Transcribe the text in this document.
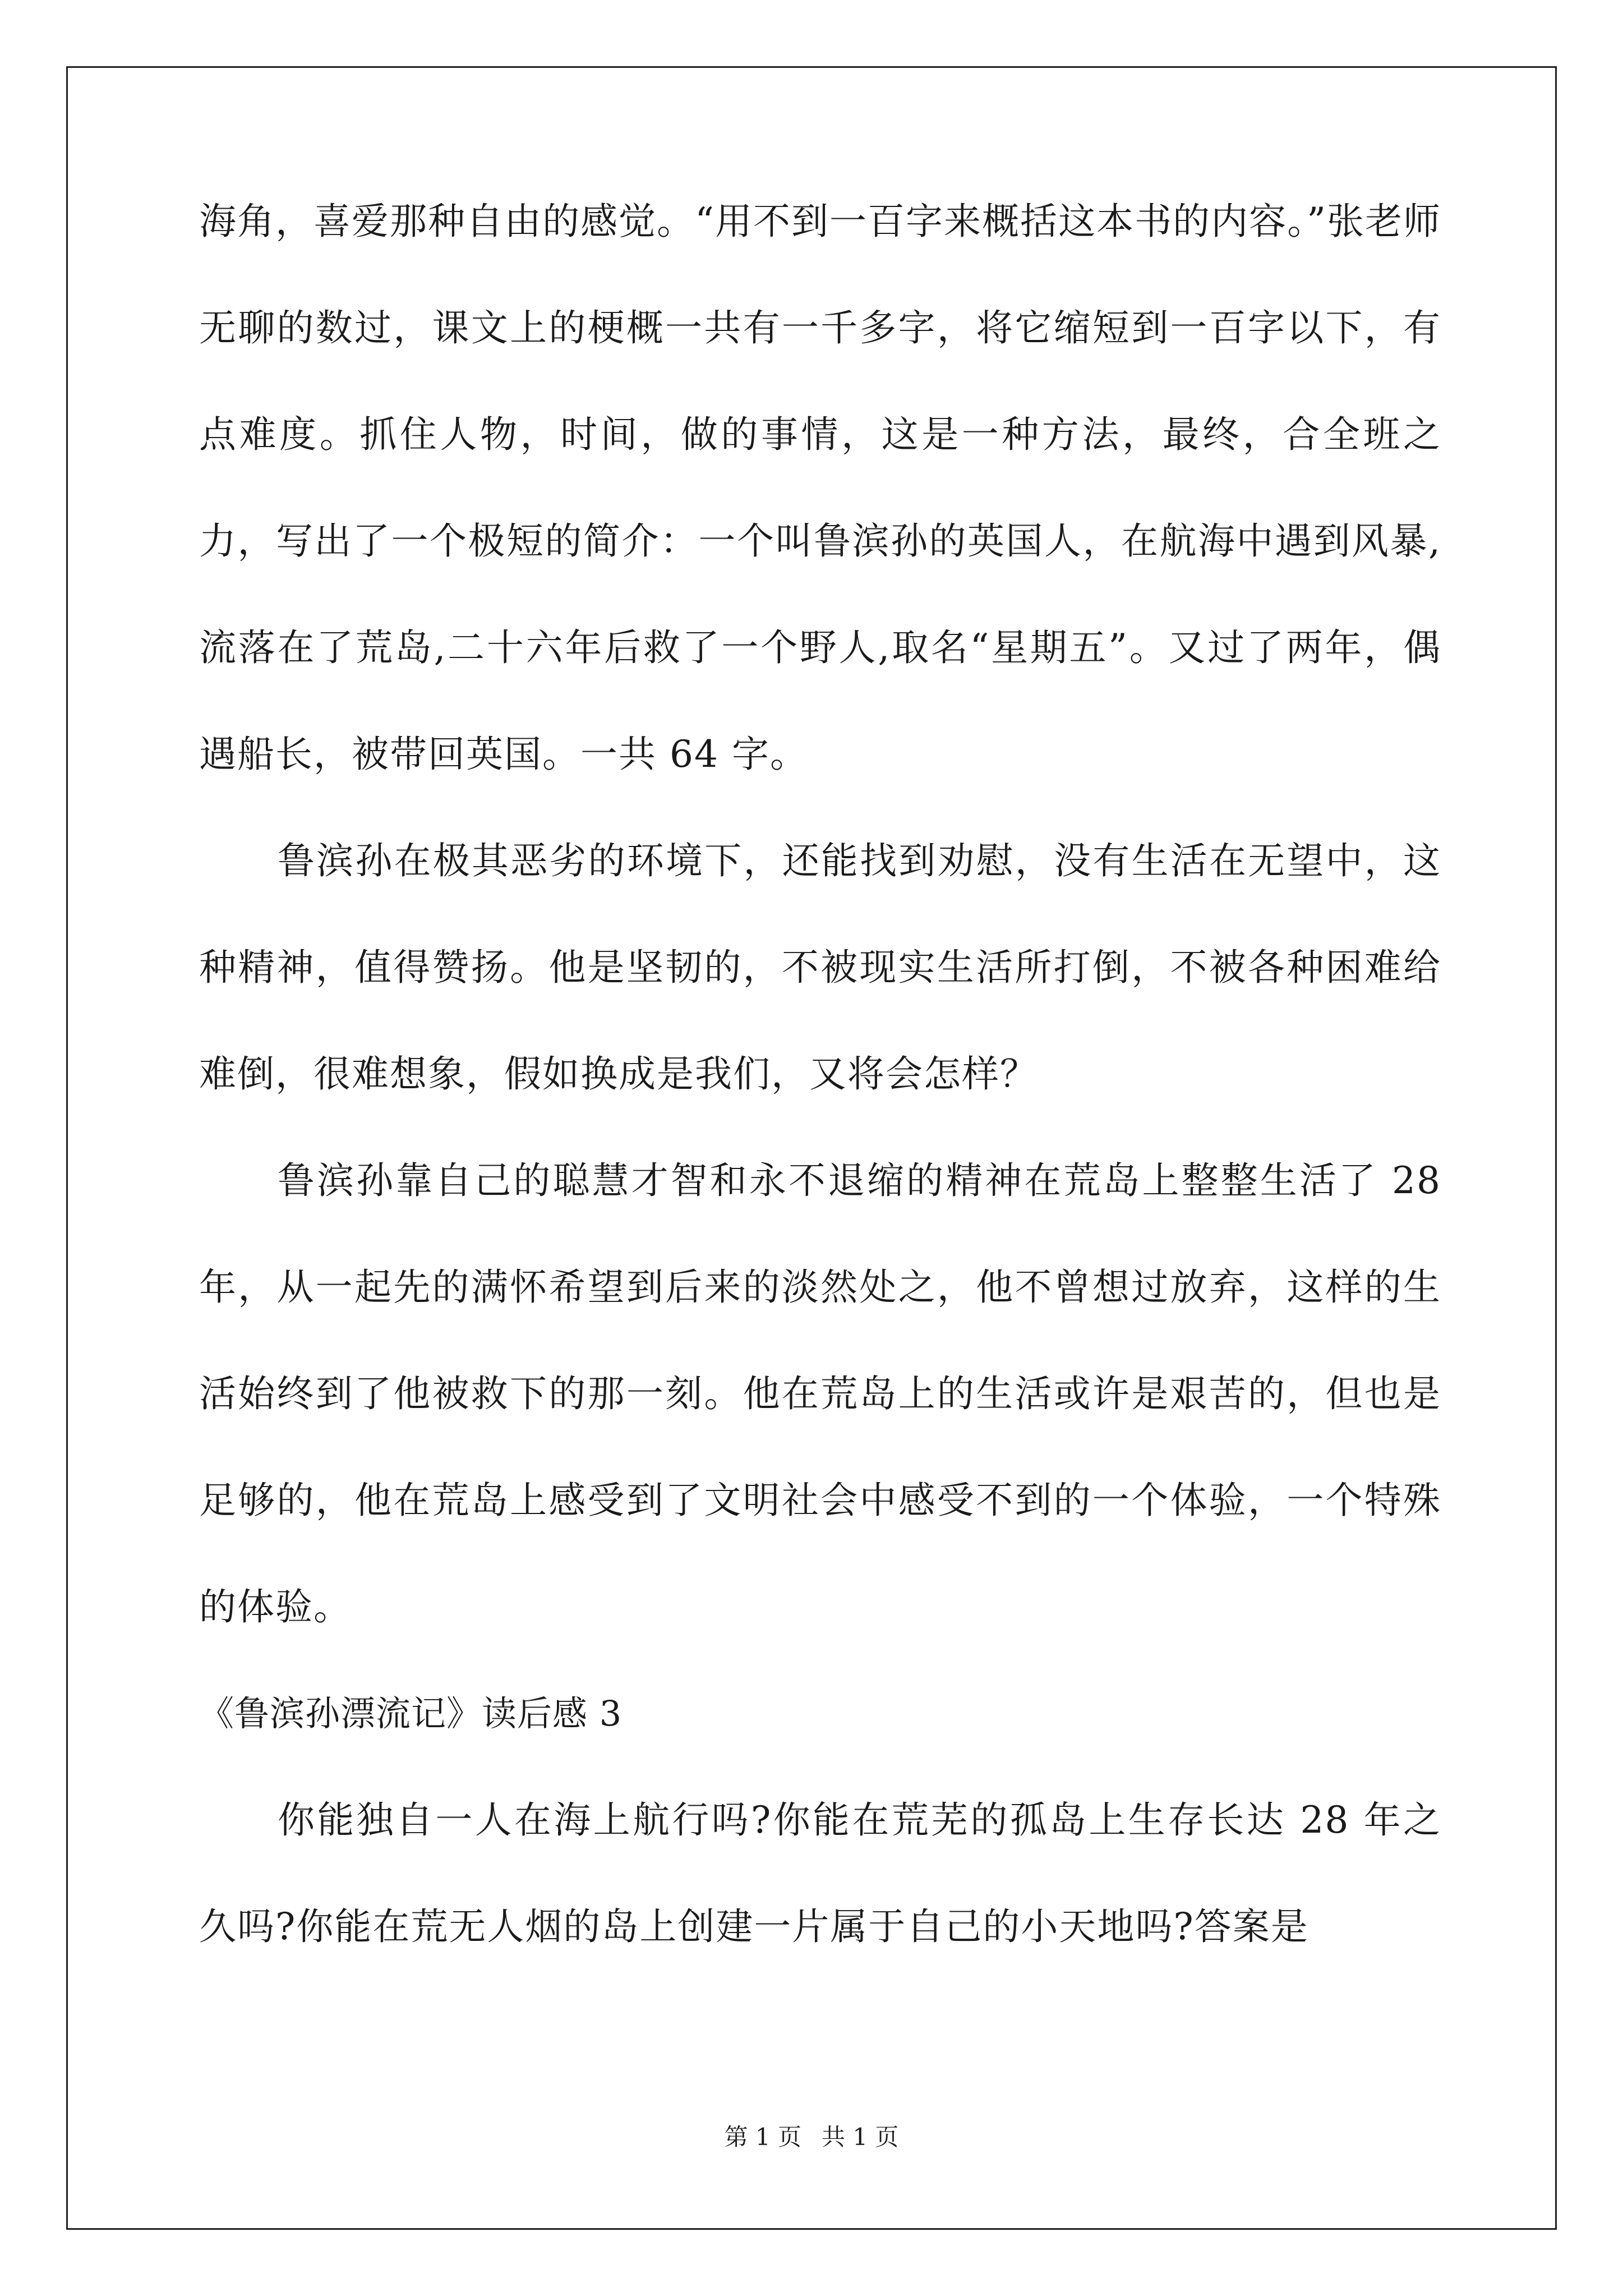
海角，喜爱那种自由的感觉。“用不到一百字来概括这本书的内容。”张老师无聊的数过，课文上的梗概一共有一千多字，将它缩短到一百字以下，有点难度。抓住人物，时间，做的事情，这是一种方法，最终，合全班之力，写出了一个极短的简介：一个叫鲁滨孙的英国人，在航海中遇到风暴,流落在了荒岛,二十六年后救了一个野人,取名“星期五”。又过了两年，偶遇船长，被带回英国。一共 64 字。

鲁滨孙在极其恶劣的环境下，还能找到劝慰，没有生活在无望中，这种精神，值得赞扬。他是坚韧的，不被现实生活所打倒，不被各种困难给难倒，很难想象，假如换成是我们，又将会怎样？

鲁滨孙靠自己的聪慧才智和永不退缩的精神在荒岛上整整生活了 28 年，从一起先的满怀希望到后来的淡然处之，他不曾想过放弃，这样的生活始终到了他被救下的那一刻。他在荒岛上的生活或许是艰苦的，但也是足够的，他在荒岛上感受到了文明社会中感受不到的一个体验，一个特殊的体验。

《鲁滨孙漂流记》读后感 3

你能独自一人在海上航行吗?你能在荒芜的孤岛上生存长达 28 年之久吗?你能在荒无人烟的岛上创建一片属于自己的小天地吗?答案是

第 1 页 共 1 页
